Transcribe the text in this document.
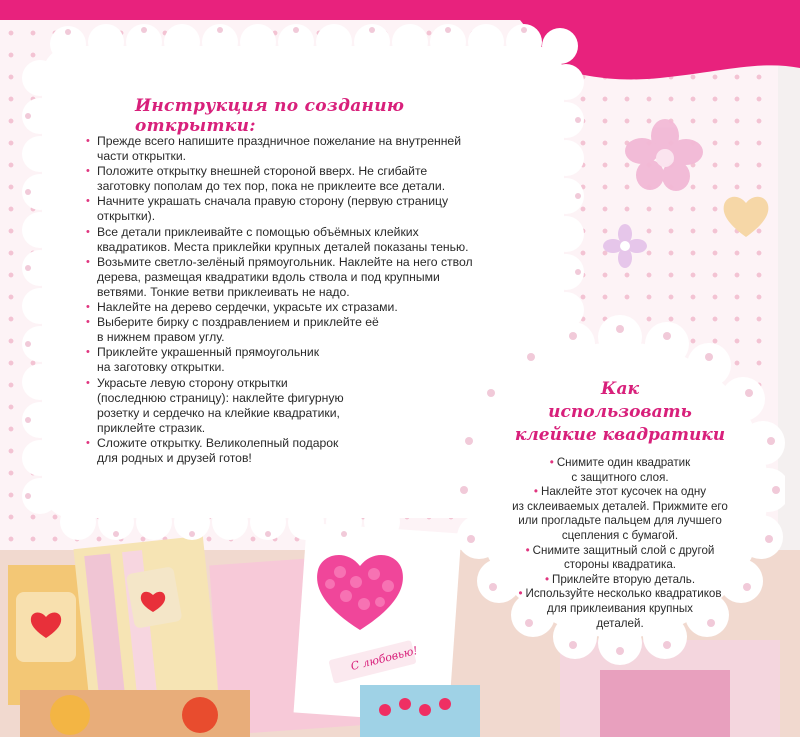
С любовью!
Инструкция по созданию открытки:
• Прежде всего напишите праздничное пожелание на внутренней
части открытки.
• Положите открытку внешней стороной вверх. Не сгибайте
заготовку пополам до тех пор, пока не приклеите все детали.
• Начните украшать сначала правую сторону (первую страницу
открытки).
• Все детали приклеивайте с помощью объёмных клейких
квадратиков. Места приклейки крупных деталей показаны тенью.
• Возьмите светло-зелёный прямоугольник. Наклейте на него ствол
дерева, размещая квадратики вдоль ствола и под крупными
ветвями. Тонкие ветви приклеивать не надо.
• Наклейте на дерево сердечки, украсьте их стразами.
• Выберите бирку с поздравлением и приклейте её
в нижнем правом углу.
• Приклейте украшенный прямоугольник
на заготовку открытки.
• Украсьте левую сторону открытки
(последнюю страницу): наклейте фигурную
розетку и сердечко на клейкие квадратики,
приклейте стразик.
• Сложите открытку. Великолепный подарок
для родных и друзей готов!
Как
использовать
клейкие квадратики
• Снимите один квадратик
с защитного слоя.
• Наклейте этот кусочек на одну
из склеиваемых деталей. Прижмите его
или прогладьте пальцем для лучшего
сцепления с бумагой.
• Снимите защитный слой с другой
стороны квадратика.
• Приклейте вторую деталь.
• Используйте несколько квадратиков
для приклеивания крупных
деталей.
